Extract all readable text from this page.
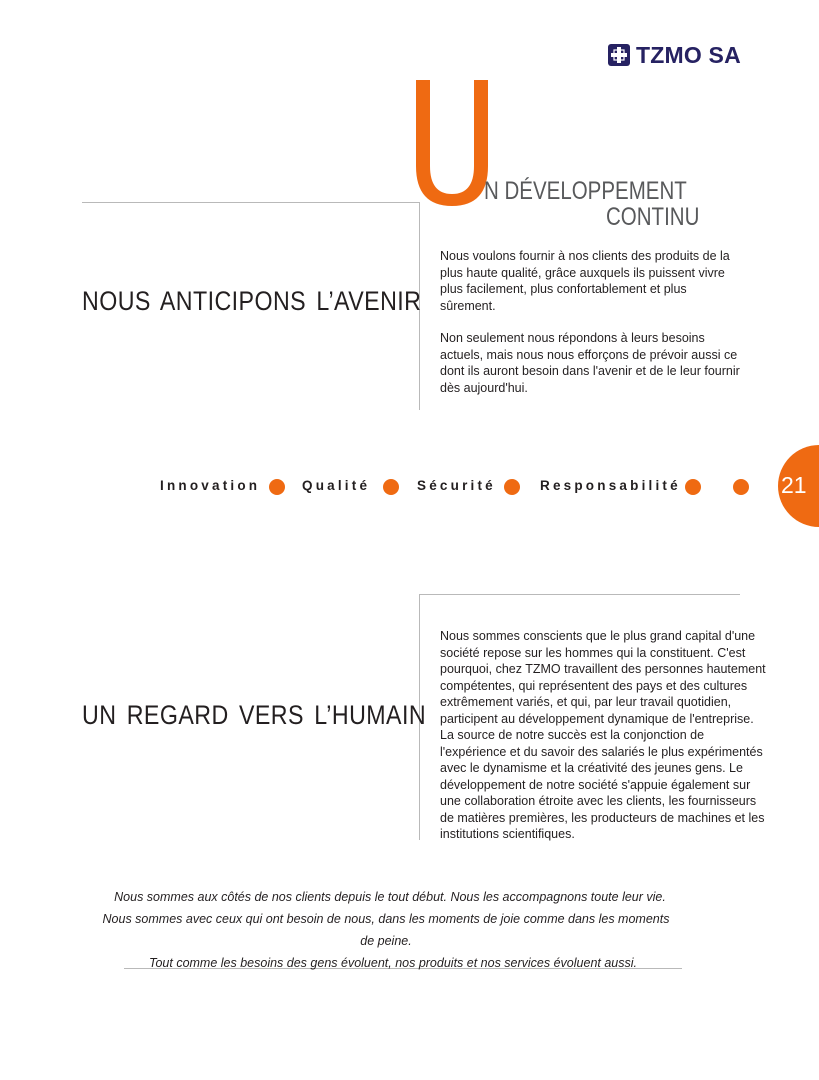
TZMO SA
U
N DÉVELOPPEMENT
CONTINU
NOUS ANTICIPONS L’AVENIR
Nous voulons fournir à nos clients des produits de la plus haute qualité, grâce auxquels ils puissent vivre plus facilement, plus confortablement et plus sûrement.
Non seulement nous répondons à leurs besoins actuels, mais nous nous efforçons de prévoir aussi ce dont ils auront besoin dans l'avenir et de le leur fournir dès aujourd'hui.
Innovation	Qualité	Sécurité	Responsabilité	21
UN REGARD VERS L’HUMAIN
Nous sommes conscients que le plus grand capital d'une société repose sur les hommes qui la constituent. C'est pourquoi, chez TZMO travaillent des personnes hautement compétentes, qui représentent des pays et des cultures extrêmement variés, et qui, par leur travail quotidien, participent au développement dynamique de l'entreprise. La source de notre succès est la conjonction de l'expérience et du savoir des salariés le plus expérimentés avec le dynamisme et la créativité des jeunes gens. Le développement de notre société s'appuie également sur une collaboration étroite avec les clients, les fournisseurs de matières premières, les producteurs de machines et les institutions scientifiques.

Nous sommes aux côtés de nos clients depuis le tout début. Nous les accompagnons toute leur vie.

Nous sommes avec ceux qui ont besoin de nous, dans les moments de joie comme dans les moments de peine.

Tout comme les besoins des gens évoluent, nos produits et nos services évoluent aussi.
